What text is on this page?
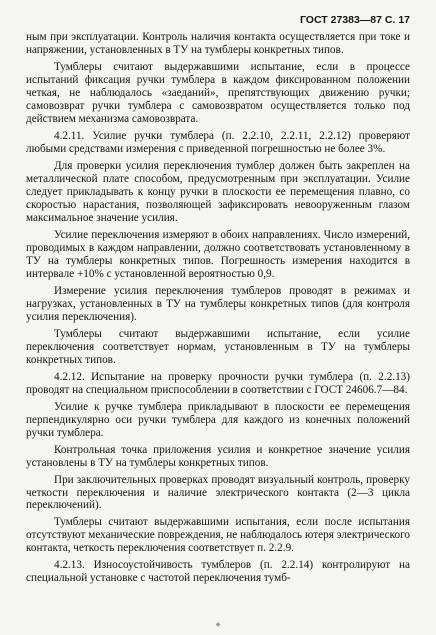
ГОСТ 27383—87 С. 17

ным при эксплуатации. Контроль наличия контакта осуществляется при токе и напряжении, установленных в ТУ на тумблеры конкретных типов.

Тумблеры считают выдержавшими испытание, если в процессе испытаний фиксация ручки тумблера в каждом фиксированном положении четкая, не наблюдалось «заеданий», препятствующих движению ручки; самовозврат ручки тумблера с самовозвратом осуществляется только под действием механизма самовозврата.

4.2.11. Усилие ручки тумблера (п. 2.2.10, 2.2.11, 2.2.12) проверяют любыми средствами измерения с приведенной погрешностью не более 3%.

Для проверки усилия переключения тумблер должен быть закреплен на металлической плате способом, предусмотренным при эксплуатации. Усилие следует прикладывать к концу ручки в плоскости ее перемещения плавно, со скоростью нарастания, позволяющей зафиксировать невооруженным глазом максимальное значение усилия.

Усилие переключения измеряют в обоих направлениях. Число измерений, проводимых в каждом направлении, должно соответствовать установленному в ТУ на тумблеры конкретных типов. Погрешность измерения находится в интервале +10% с установленной вероятностью 0,9.

Измерение усилия переключения тумблеров проводят в режимах и нагрузках, установленных в ТУ на тумблеры конкретных типов (для контроля усилия переключения).

Тумблеры считают выдержавшими испытание, если усилие переключения соответствует нормам, установленным в ТУ на тумблеры конкретных типов.

4.2.12. Испытание на проверку прочности ручки тумблера (п. 2.2.13) проводят на специальном приспособлении в соответствии с ГОСТ 24606.7—84.

Усилие к ручке тумблера прикладывают в плоскости ее перемещения перпендикулярно оси ручки тумблера для каждого из конечных положений ручки тумблера.

Контрольная точка приложения усилия и конкретное значение усилия установлены в ТУ на тумблеры конкретных типов.

При заключительных проверках проводят визуальный контроль, проверку четкости переключения и наличие электрического контакта (2—3 цикла переключений).

Тумблеры считают выдержавшими испытания, если после испытания отсутствуют механические повреждения, не наблюдалось ютеря электрического контакта, четкость переключения соответствует п. 2.2.9.

4.2.13. Износоустойчивость тумблеров (п. 2.2.14) контролируют на специальной установке с частотой переключения тумб-

◆
